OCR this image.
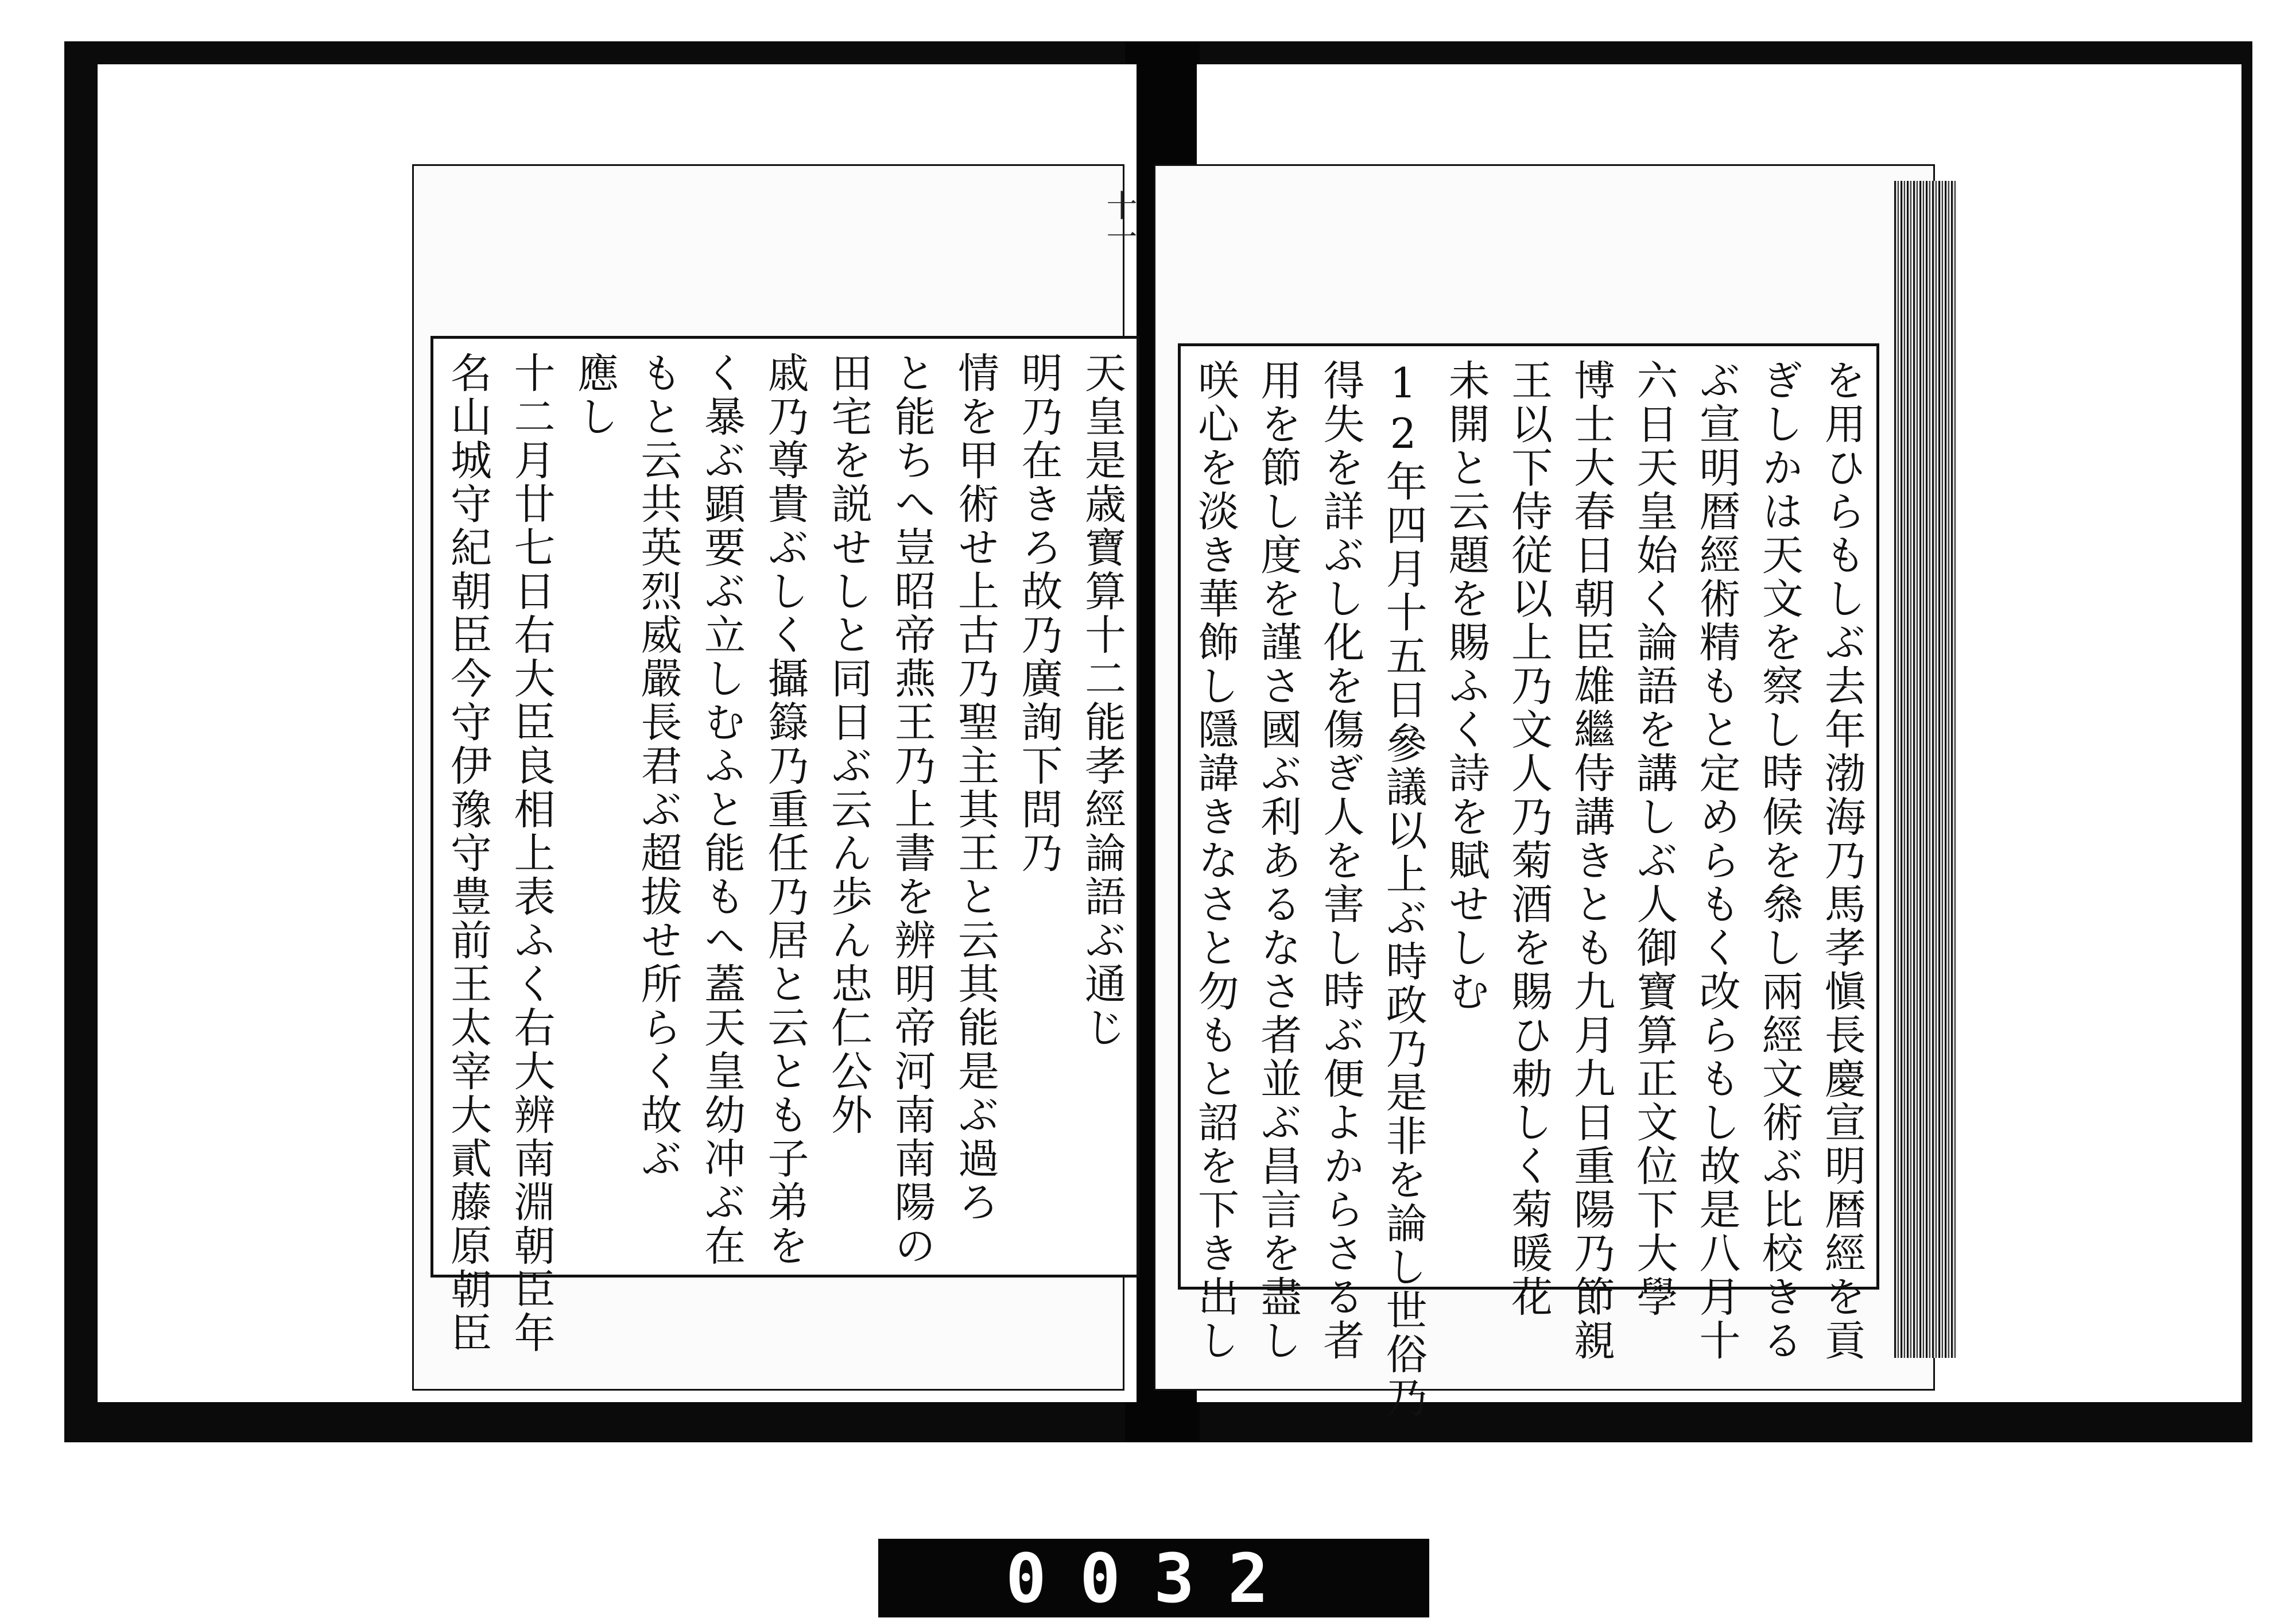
十一
天皇是歳寶算十二能孝經論語ぶ通じ
明乃在きろ故乃廣詢下問乃
情を甲術せ上古乃聖主其王と云其能是ぶ過ろ
と能ちへ豈昭帝燕王乃上書を辨明帝河南南陽の
田宅を説せしと同日ぶ云ん歩ん忠仁公外
戚乃尊貴ぶしく攝籙乃重任乃居と云とも子弟を
く暴ぶ顕要ぶ立しむふと能もへ蓋天皇幼冲ぶ在
もと云共英烈威嚴長君ぶ超拔せ所らく故ぶ
應し
十二月廿七日右大臣良相上表ふく右大辨南淵朝臣年
名山城守紀朝臣今守伊豫守豊前王太宰大貳藤原朝臣	を用ひらもしぶ去年渤海乃馬孝愼長慶宣明暦經を貢
ぎしかは天文を察し時候を叅し兩經文術ぶ比校きる
ぶ宣明暦經術精もと定めらもく改らもし故是八月十
六日天皇始く論語を講しぶ人御寶算正文位下大學
博士大春日朝臣雄繼侍講きとも九月九日重陽乃節親
王以下侍従以上乃文人乃菊酒を賜ひ勅しく菊暖花
未開と云題を賜ふく詩を賦せしむ
12年四月十五日參議以上ぶ時政乃是非を論し世俗乃
得失を詳ぶし化を傷ぎ人を害し時ぶ便よからさる者
用を節し度を謹さ國ぶ利あるなさ者並ぶ昌言を盡し
咲心を淡き華飾し隱諱きなさと勿もと詔を下き出し
0032
